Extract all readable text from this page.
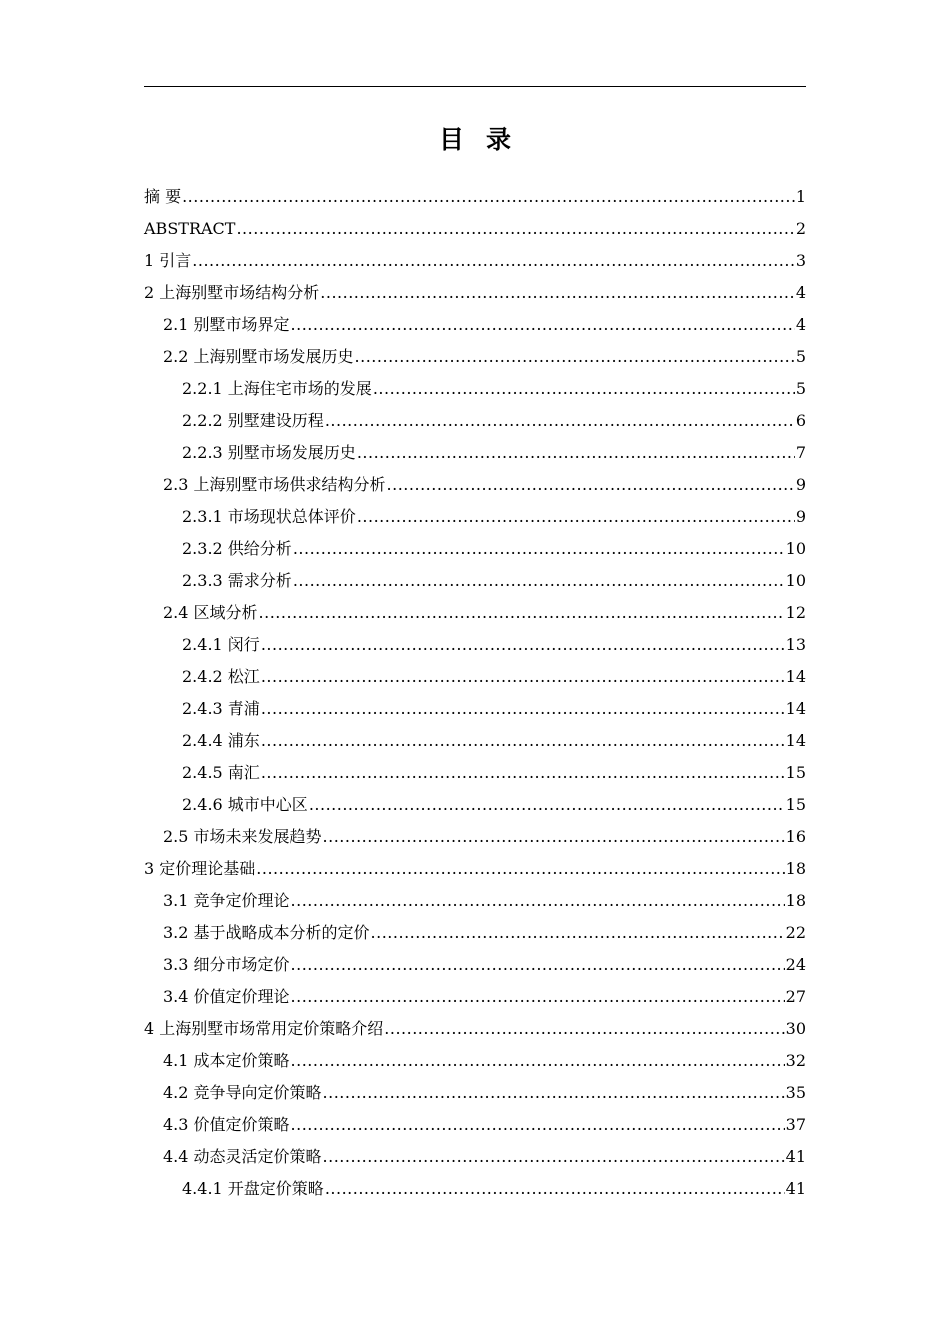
目录
摘 要 .....	1
ABSTRACT .....	2
1 引言 .....	3
2 上海别墅市场结构分析 .....	4
2.1 别墅市场界定 .....	4
2.2 上海别墅市场发展历史 .....	5
2.2.1 上海住宅市场的发展 .....	5
2.2.2 别墅建设历程 .....	6
2.2.3 别墅市场发展历史 .....	7
2.3 上海别墅市场供求结构分析 .....	9
2.3.1 市场现状总体评价 .....	9
2.3.2 供给分析 .....	10
2.3.3 需求分析 .....	10
2.4 区域分析 .....	12
2.4.1 闵行 .....	13
2.4.2 松江 .....	14
2.4.3 青浦 .....	14
2.4.4 浦东 .....	14
2.4.5 南汇 .....	15
2.4.6 城市中心区 .....	15
2.5 市场未来发展趋势 .....	16
3 定价理论基础 .....	18
3.1 竞争定价理论 .....	18
3.2 基于战略成本分析的定价 .....	22
3.3 细分市场定价 .....	24
3.4 价值定价理论 .....	27
4 上海别墅市场常用定价策略介绍 .....	30
4.1 成本定价策略 .....	32
4.2 竞争导向定价策略 .....	35
4.3 价值定价策略 .....	37
4.4 动态灵活定价策略 .....	41
4.4.1 开盘定价策略 .....	41
